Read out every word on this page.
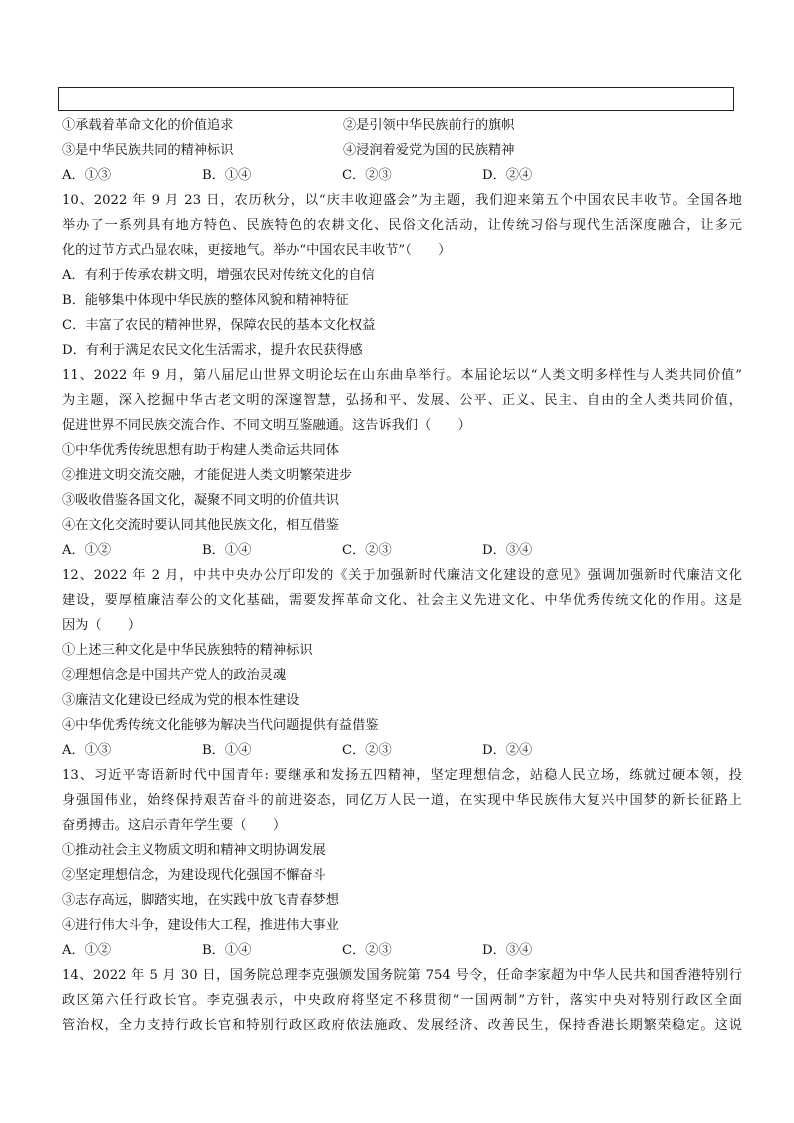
①承载着革命文化的价值追求	②是引领中华民族前行的旗帜
③是中华民族共同的精神标识	④浸润着爱党为国的民族精神
A．①③	B．①④	C．②③	D．②④
10、2022 年 9 月 23 日，农历秋分，以“庆丰收迎盛会”为主题，我们迎来第五个中国农民丰收节。全国各地
举办了一系列具有地方特色、民族特色的农耕文化、民俗文化活动，让传统习俗与现代生活深度融合，让多元
化的过节方式凸显农味，更接地气。举办“中国农民丰收节”（　　）
A．有利于传承农耕文明，增强农民对传统文化的自信
B．能够集中体现中华民族的整体风貌和精神特征
C．丰富了农民的精神世界，保障农民的基本文化权益
D．有利于满足农民文化生活需求，提升农民获得感
11、2022 年 9 月，第八届尼山世界文明论坛在山东曲阜举行。本届论坛以“人类文明多样性与人类共同价值”
为主题，深入挖掘中华古老文明的深邃智慧，弘扬和平、发展、公平、正义、民主、自由的全人类共同价值，
促进世界不同民族交流合作、不同文明互鉴融通。这告诉我们（　　）
①中华优秀传统思想有助于构建人类命运共同体
②推进文明交流交融，才能促进人类文明繁荣进步
③吸收借鉴各国文化，凝聚不同文明的价值共识
④在文化交流时要认同其他民族文化，相互借鉴
A．①②	B．①④	C．②③	D．③④
12、2022 年 2 月，中共中央办公厅印发的《关于加强新时代廉洁文化建设的意见》强调加强新时代廉洁文化
建设，要厚植廉洁奉公的文化基础，需要发挥革命文化、社会主义先进文化、中华优秀传统文化的作用。这是
因为（　　）
①上述三种文化是中华民族独特的精神标识
②理想信念是中国共产党人的政治灵魂
③廉洁文化建设已经成为党的根本性建设
④中华优秀传统文化能够为解决当代问题提供有益借鉴
A．①③	B．①④	C．②③	D．②④
13、习近平寄语新时代中国青年: 要继承和发扬五四精神，坚定理想信念，站稳人民立场，练就过硬本领，投
身强国伟业，始终保持艰苦奋斗的前进姿态，同亿万人民一道，在实现中华民族伟大复兴中国梦的新长征路上
奋勇搏击。这启示青年学生要（　　）
①推动社会主义物质文明和精神文明协调发展
②坚定理想信念，为建设现代化强国不懈奋斗
③志存高远，脚踏实地，在实践中放飞青春梦想
④进行伟大斗争，建设伟大工程，推进伟大事业
A．①②	B．①④	C．②③	D．③④
14、2022 年 5 月 30 日，国务院总理李克强颁发国务院第 754 号令，任命李家超为中华人民共和国香港特别行
政区第六任行政长官。李克强表示，中央政府将坚定不移贯彻“一国两制”方针，落实中央对特别行政区全面
管治权，全力支持行政长官和特别行政区政府依法施政、发展经济、改善民生，保持香港长期繁荣稳定。这说
